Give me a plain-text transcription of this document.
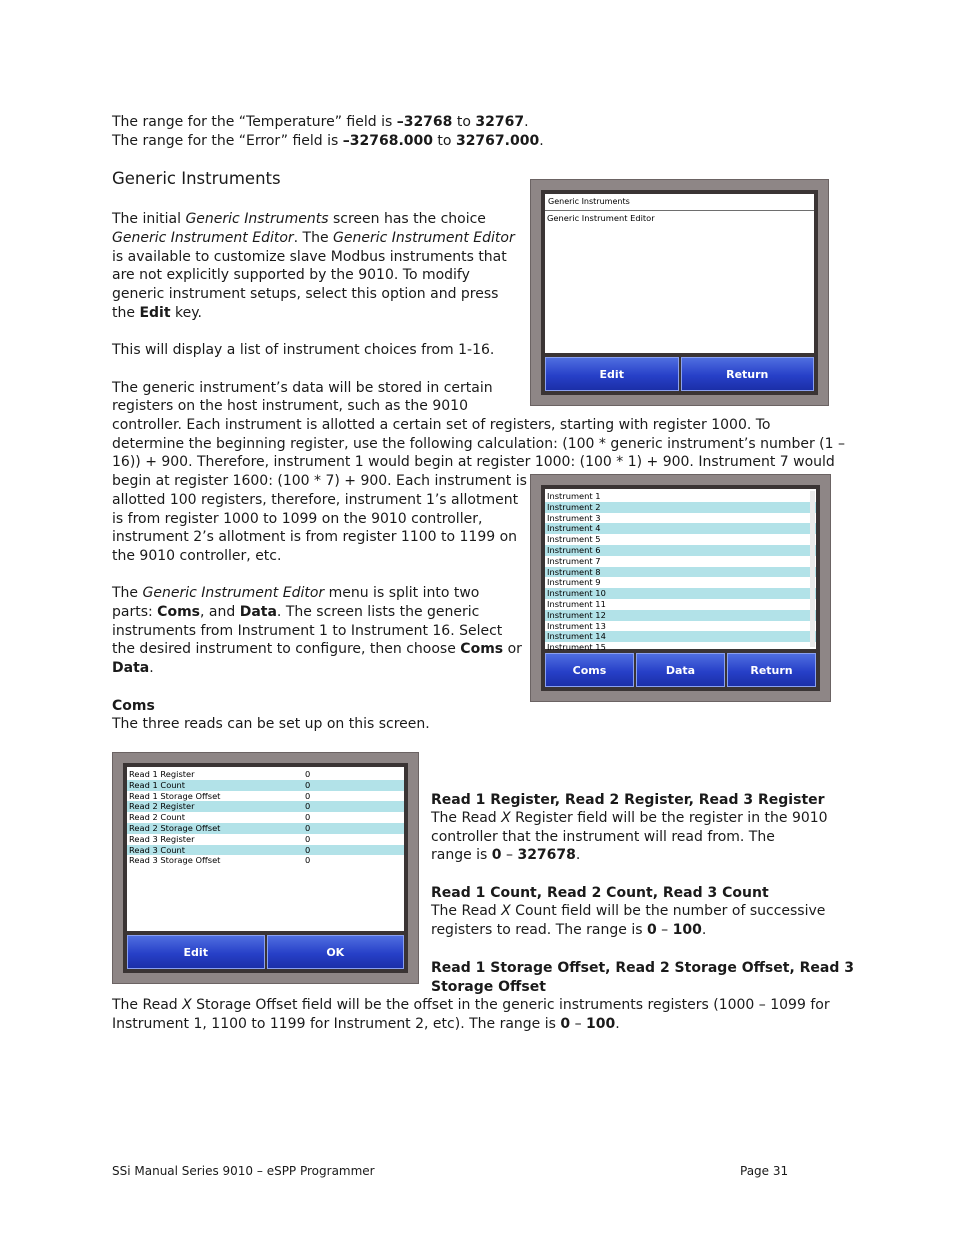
The range for the “Temperature” field is –32768 to 32767.
The range for the “Error” field is –32768.000 to 32767.000.
Generic Instruments
The initial Generic Instruments screen has the choice
Generic Instrument Editor. The Generic Instrument Editor
is available to customize slave Modbus instruments that
are not explicitly supported by the 9010. To modify
generic instrument setups, select this option and press
the Edit key.
This will display a list of instrument choices from 1-16.
The generic instrument’s data will be stored in certain
registers on the host instrument, such as the 9010
controller. Each instrument is allotted a certain set of registers, starting with register 1000. To
determine the beginning register, use the following calculation: (100 * generic instrument’s number (1 –
16)) + 900. Therefore, instrument 1 would begin at register 1000: (100 * 1) + 900. Instrument 7 would
begin at register 1600: (100 * 7) + 900. Each instrument is
allotted 100 registers, therefore, instrument 1’s allotment
is from register 1000 to 1099 on the 9010 controller,
instrument 2’s allotment is from register 1100 to 1199 on
the 9010 controller, etc.
The Generic Instrument Editor menu is split into two
parts: Coms, and Data. The screen lists the generic
instruments from Instrument 1 to Instrument 16. Select
the desired instrument to configure, then choose Coms or
Data.
Coms
The three reads can be set up on this screen.
Read 1 Register, Read 2 Register, Read 3 Register
The Read X Register field will be the register in the 9010
controller that the instrument will read from. The
range is 0 – 327678.
Read 1 Count, Read 2 Count, Read 3 Count
The Read X Count field will be the number of successive
registers to read. The range is 0 – 100.
Read 1 Storage Offset, Read 2 Storage Offset, Read 3
Storage Offset
The Read X Storage Offset field will be the offset in the generic instruments registers (1000 – 1099 for
Instrument 1, 1100 to 1199 for Instrument 2, etc). The range is 0 – 100.
Generic Instruments
Generic Instrument Editor
Edit	Return
Instrument 1
Instrument 2
Instrument 3
Instrument 4
Instrument 5
Instrument 6
Instrument 7
Instrument 8
Instrument 9
Instrument 10
Instrument 11
Instrument 12
Instrument 13
Instrument 14
Instrument 15
Coms	Data	Return
Read 1 Register	0
Read 1 Count	0
Read 1 Storage Offset	0
Read 2 Register	0
Read 2 Count	0
Read 2 Storage Offset	0
Read 3 Register	0
Read 3 Count	0
Read 3 Storage Offset	0
Edit	OK
SSi Manual Series 9010 – eSPP Programmer	Page 31
